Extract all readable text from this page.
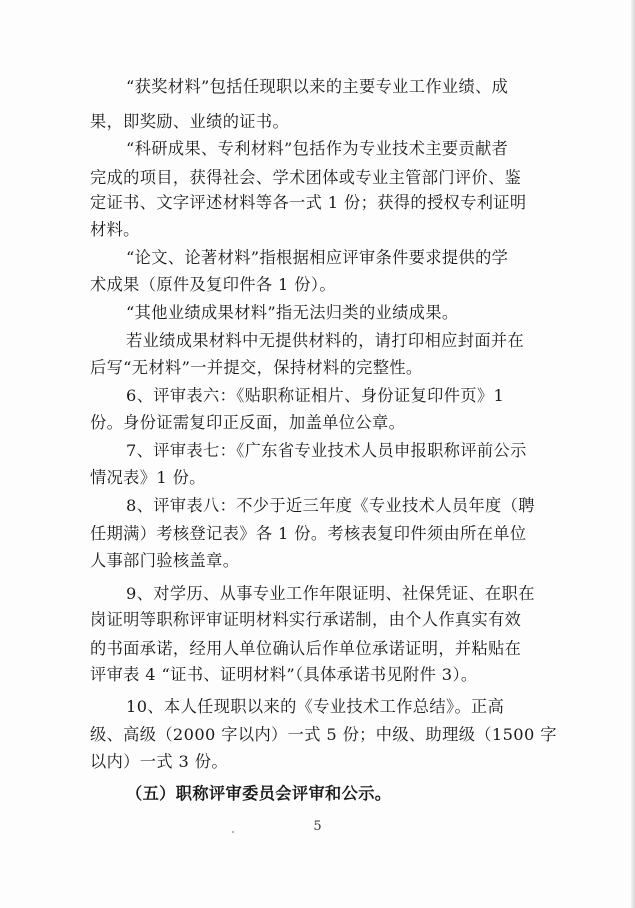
“获奖材料”包括任现职以来的主要专业工作业绩、成
果，即奖励、业绩的证书。
“科研成果、专利材料”包括作为专业技术主要贡献者
完成的项目，获得社会、学术团体或专业主管部门评价、鉴
定证书、文字评述材料等各一式 1 份；获得的授权专利证明
材料。
“论文、论著材料”指根据相应评审条件要求提供的学
术成果（原件及复印件各 1 份）。
“其他业绩成果材料”指无法归类的业绩成果。
若业绩成果材料中无提供材料的，请打印相应封面并在
后写“无材料”一并提交，保持材料的完整性。
6、评审表六：《贴职称证相片、身份证复印件页》1
份。身份证需复印正反面，加盖单位公章。
7、评审表七：《广东省专业技术人员申报职称评前公示
情况表》1 份。
8、评审表八：不少于近三年度《专业技术人员年度（聘
任期满）考核登记表》各 1 份。考核表复印件须由所在单位
人事部门验核盖章。
9、对学历、从事专业工作年限证明、社保凭证、在职在
岗证明等职称评审证明材料实行承诺制，由个人作真实有效
的书面承诺，经用人单位确认后作单位承诺证明，并粘贴在
评审表 4 “证书、证明材料”（具体承诺书见附件 3）。
10、本人任现职以来的《专业技术工作总结》。正高
级、高级（2000 字以内）一式 5 份；中级、助理级（1500 字
以内）一式 3 份。
（五）职称评审委员会评审和公示。
5
